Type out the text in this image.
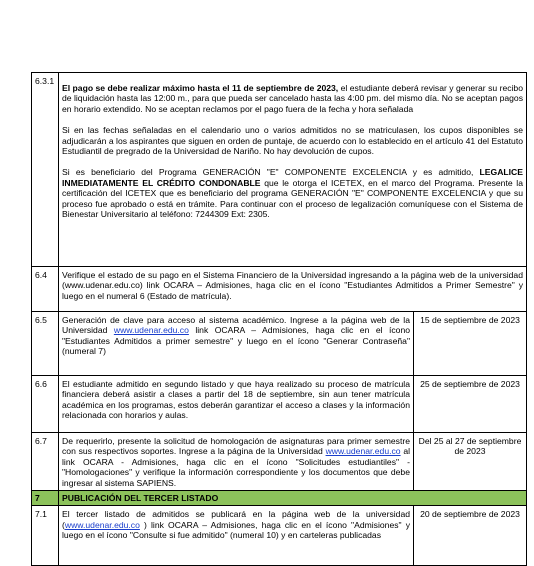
6.3.1	El pago se debe realizar máximo hasta el 11 de septiembre de 2023, el estudiante deberá revisar y generar su recibo de liquidación hasta las 12:00 m., para que pueda ser cancelado hasta las 4:00 pm. del mismo día. No se aceptan pagos en horario extendido. No se aceptan reclamos por el pago fuera de la fecha y hora señalada

Si en las fechas señaladas en el calendario uno o varios admitidos no se matriculasen, los cupos disponibles se adjudicarán a los aspirantes que siguen en orden de puntaje, de acuerdo con lo establecido en el artículo 41 del Estatuto Estudiantil de pregrado de la Universidad de Nariño. No hay devolución de cupos.

Si es beneficiario del Programa GENERACIÓN "E" COMPONENTE EXCELENCIA y es admitido, LEGALICE INMEDIATAMENTE EL CRÉDITO CONDONABLE que le otorga el ICETEX, en el marco del Programa. Presente la certificación del ICETEX que es beneficiario del programa GENERACIÓN "E" COMPONENTE EXCELENCIA y que su proceso fue aprobado o está en trámite. Para continuar con el proceso de legalización comuníquese con el Sistema de Bienestar Universitario al teléfono: 7244309 Ext: 2305.	

6.4	Verifique el estado de su pago en el Sistema Financiero de la Universidad ingresando a la página web de la universidad (www.udenar.edu.co) link OCARA – Admisiones, haga clic en el ícono "Estudiantes Admitidos a Primer Semestre" y luego en el numeral 6 (Estado de matrícula).	
6.5	Generación de clave para acceso al sistema académico. Ingrese a la página web de la Universidad www.udenar.edu.co link OCARA – Admisiones, haga clic en el ícono "Estudiantes Admitidos a primer semestre" y luego en el ícono "Generar Contraseña" (numeral 7)	15 de septiembre de 2023
6.6	El estudiante admitido en segundo listado y que haya realizado su proceso de matrícula financiera deberá asistir a clases a partir del 18 de septiembre, sin aun tener matrícula académica en los programas, estos deberán garantizar el acceso a clases y la información relacionada con horarios y aulas.	25 de septiembre de 2023
6.7	De requerirlo, presente la solicitud de homologación de asignaturas para primer semestre con sus respectivos soportes. Ingrese a la página de la Universidad www.udenar.edu.co al link OCARA - Admisiones, haga clic en el ícono "Solicitudes estudiantiles" - "Homologaciones" y verifique la información correspondiente y los documentos que debe ingresar al sistema SAPIENS.	Del 25 al 27 de septiembre de 2023
7	PUBLICACIÓN DEL TERCER LISTADO	
7.1	El tercer listado de admitidos se publicará en la página web de la universidad (www.udenar.edu.co ) link OCARA – Admisiones, haga clic en el ícono "Admisiones" y luego en el ícono "Consulte si fue admitido" (numeral 10) y en carteleras publicadas	20 de septiembre de 2023
